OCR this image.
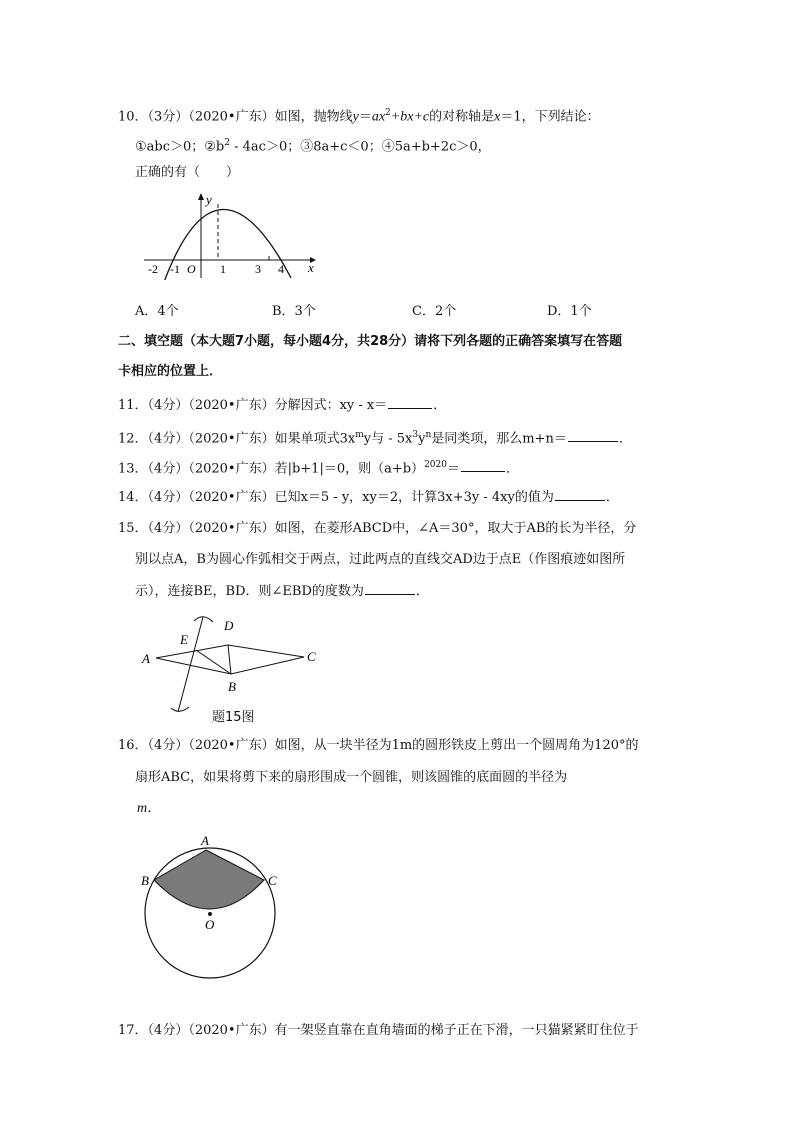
10．（3分）（2020•广东）如图，抛物线$y=ax^2+bx+c$的对称轴是x＝1，下列结论：
①abc＞0；$②b^2 - 4ac>0$；③8a+c＜0；④5a+b+2c＞0，
正确的有（　　）
y
x
-2 -1 O 1 3 4
A．4个	B．3个	C．2个	D．1个
二、填空题（本大题7小题，每小题4分，共28分）请将下列各题的正确答案填写在答题
卡相应的位置上．
11．（4分）（2020•广东）分解因式：xy - x＝	．
12．（4分）（2020•广东）如果单项式$3x^my$与 - $5x^3y^n$是同类项，那么m+n＝	．
13．（4分）（2020•广东）若|b+1|＝0，则$(a+b)^{2020}=$	．
14．（4分）（2020•广东）已知x＝5 - y，xy＝2，计算3x+3y - 4xy的值为	．
15．（4分）（2020•广东）如图，在菱形ABCD中，∠A＝30°，取大于AB的长为半径，分
别以点A，B为圆心作弧相交于两点，过此两点的直线交AD边于点E（作图痕迹如图所
示），连接BE，BD．则∠EBD的度数为	．
A
B
C
D
E
题15图
16．（4分）（2020•广东）如图，从一块半径为1m的圆形铁皮上剪出一个圆周角为120°的
扇形ABC，如果将剪下来的扇形围成一个圆锥，则该圆锥的底面圆的半径为
m．
A
B	C
O
17．（4分）（2020•广东）有一架竖直靠在直角墙面的梯子正在下滑，一只猫紧紧盯住位于
